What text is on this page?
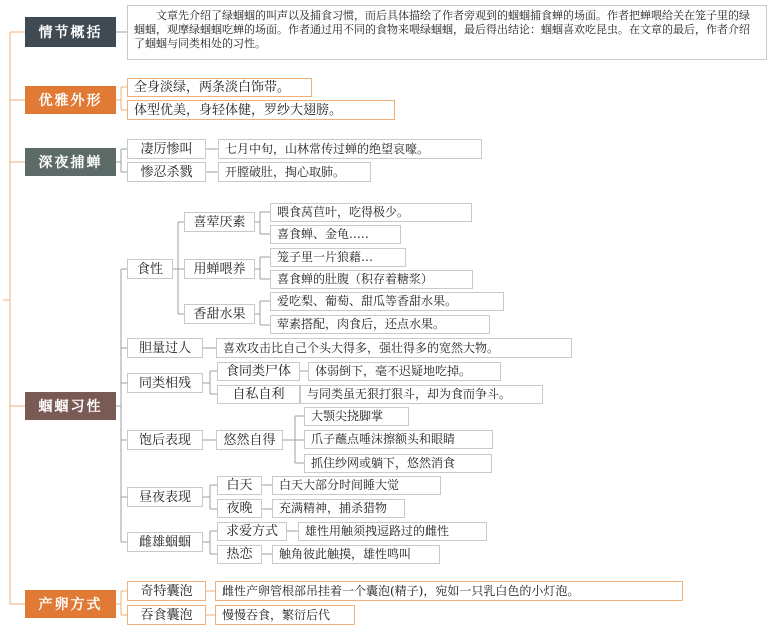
情节概括
优雅外形
深夜捕蝉
蝈蝈习性
产卵方式

文章先介绍了绿蝈蝈的叫声以及捕食习惯，而后具体描绘了作者旁观到的蝈蝈捕食蝉的场面。作者把蝉喂给关在笼子里的绿蝈蝈，观摩绿蝈蝈吃蝉的场面。作者通过用不同的食物来喂绿蝈蝈，最后得出结论：蝈蝈喜欢吃昆虫。在文章的最后，作者介绍了蝈蝈与同类相处的习性。

全身淡绿，两条淡白饰带。
体型优美，身轻体健，罗纱大翅膀。
凄厉惨叫	七月中旬，山林常传过蝉的绝望哀嚎。
惨忍杀戮	开膛破肚，掏心取肺。
食性
喜荤厌素
用蝉喂养
香甜水果
喂食莴苣叶，吃得极少。
喜食蝉、金龟.….
笼子里一片狼藉…
喜食蝉的肚腹（积存着糖浆）
爱吃梨、葡萄、甜瓜等香甜水果。
荤素搭配，肉食后，还点水果。
胆量过人	喜欢攻击比自己个头大得多，强壮得多的宽然大物。
同类相残
食同类尸体	体弱倒下，毫不迟疑地吃掉。
自私自利	与同类虽无狠打狠斗，却为食而争斗。
饱后表现	悠然自得
大颚尖挠脚掌
爪子蘸点唾沫擦额头和眼睛
抓住纱网或躺下，悠然消食
昼夜表现
白天	白天大部分时间睡大觉
夜晚	充满精神，捕杀猎物
雌雄蝈蝈
求爱方式	雄性用触须拽逗路过的雌性
热恋	触角彼此触摸，雄性鸣叫
奇特囊泡	雌性产卵管根部吊挂着一个囊泡(精子)，宛如一只乳白色的小灯泡。
吞食囊泡	慢慢吞食，繁衍后代
